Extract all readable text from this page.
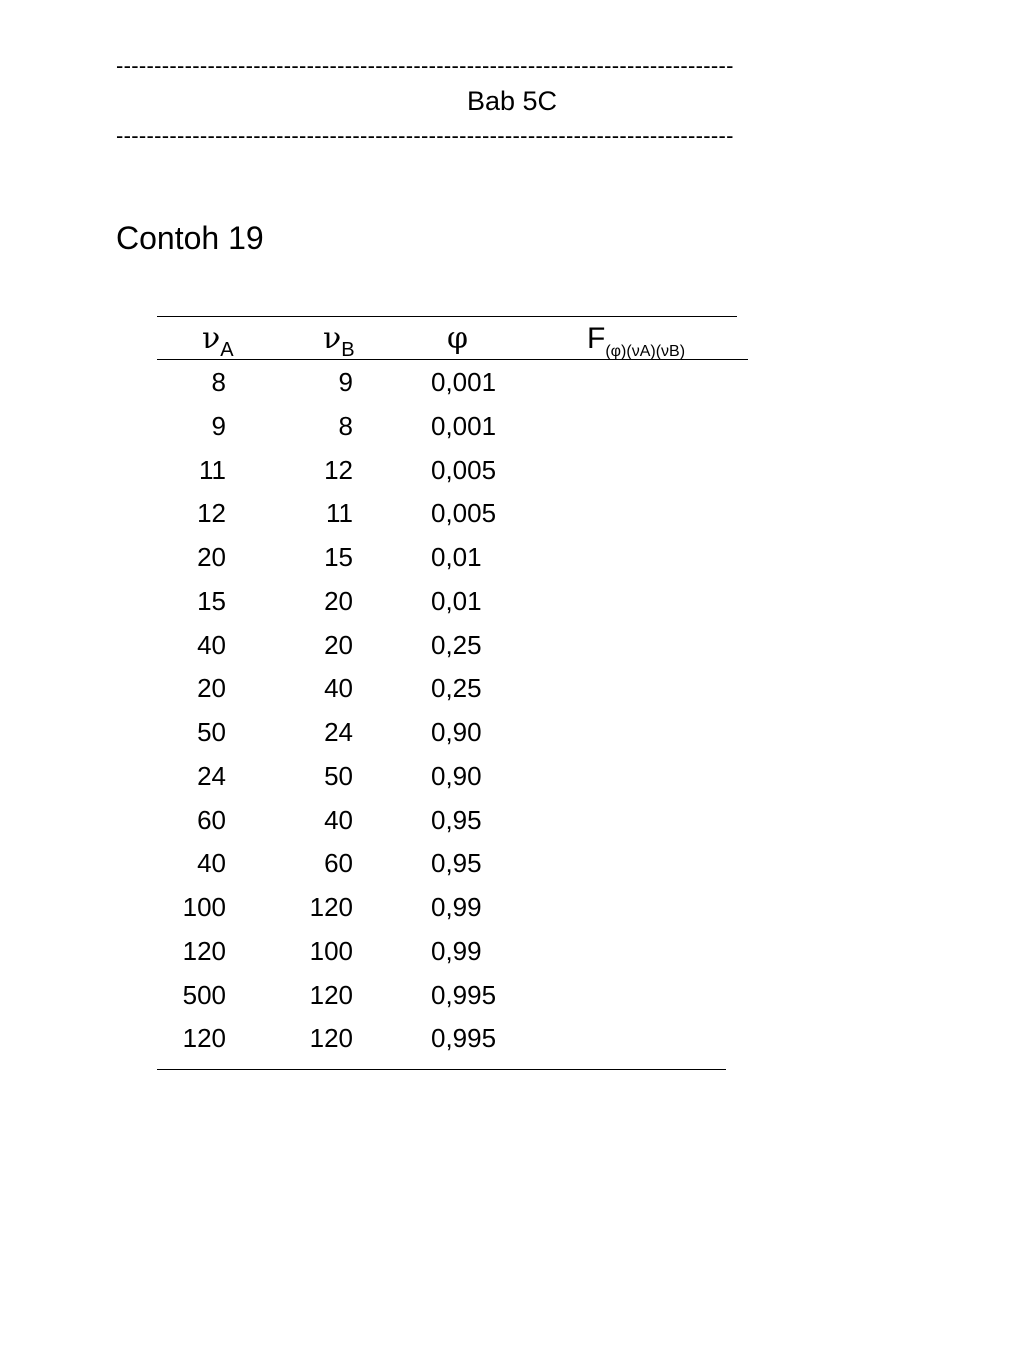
---------------------------------------------------------------------------------
Bab 5C
---------------------------------------------------------------------------------
Contoh 19
$\nu_A$	$\nu_B$	φ	$F_{(\varphi)(\nu A)(\nu B)}$
8	9	0,001
9	8	0,001
11	12	0,005
12	11	0,005
20	15	0,01
15	20	0,01
40	20	0,25
20	40	0,25
50	24	0,90
24	50	0,90
60	40	0,95
40	60	0,95
100	120	0,99
120	100	0,99
500	120	0,995
120	120	0,995
